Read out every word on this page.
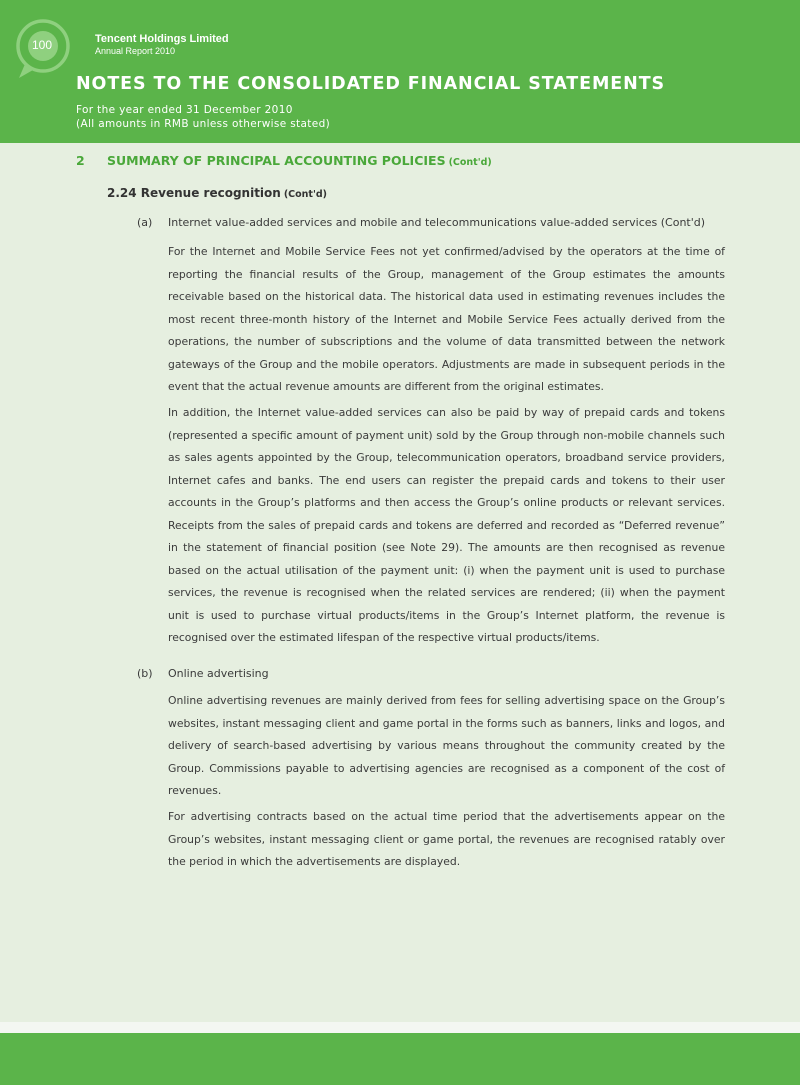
100	Tencent Holdings Limited
Annual Report 2010
NOTES TO THE CONSOLIDATED FINANCIAL STATEMENTS
For the year ended 31 December 2010
(All amounts in RMB unless otherwise stated)
2 SUMMARY OF PRINCIPAL ACCOUNTING POLICIES (Cont'd)
2.24 Revenue recognition (Cont'd)
(a) Internet value-added services and mobile and telecommunications value-added services (Cont'd)

For the Internet and Mobile Service Fees not yet confirmed/advised by the operators at the time of reporting the financial results of the Group, management of the Group estimates the amounts receivable based on the historical data. The historical data used in estimating revenues includes the most recent three-month history of the Internet and Mobile Service Fees actually derived from the operations, the number of subscriptions and the volume of data transmitted between the network gateways of the Group and the mobile operators. Adjustments are made in subsequent periods in the event that the actual revenue amounts are different from the original estimates.

In addition, the Internet value-added services can also be paid by way of prepaid cards and tokens (represented a specific amount of payment unit) sold by the Group through non-mobile channels such as sales agents appointed by the Group, telecommunication operators, broadband service providers, Internet cafes and banks. The end users can register the prepaid cards and tokens to their user accounts in the Group’s platforms and then access the Group’s online products or relevant services. Receipts from the sales of prepaid cards and tokens are deferred and recorded as “Deferred revenue” in the statement of financial position (see Note 29). The amounts are then recognised as revenue based on the actual utilisation of the payment unit: (i) when the payment unit is used to purchase services, the revenue is recognised when the related services are rendered; (ii) when the payment unit is used to purchase virtual products/items in the Group’s Internet platform, the revenue is recognised over the estimated lifespan of the respective virtual products/items.

(b) Online advertising

Online advertising revenues are mainly derived from fees for selling advertising space on the Group’s websites, instant messaging client and game portal in the forms such as banners, links and logos, and delivery of search-based advertising by various means throughout the community created by the Group. Commissions payable to advertising agencies are recognised as a component of the cost of revenues.

For advertising contracts based on the actual time period that the advertisements appear on the Group’s websites, instant messaging client or game portal, the revenues are recognised ratably over the period in which the advertisements are displayed.
